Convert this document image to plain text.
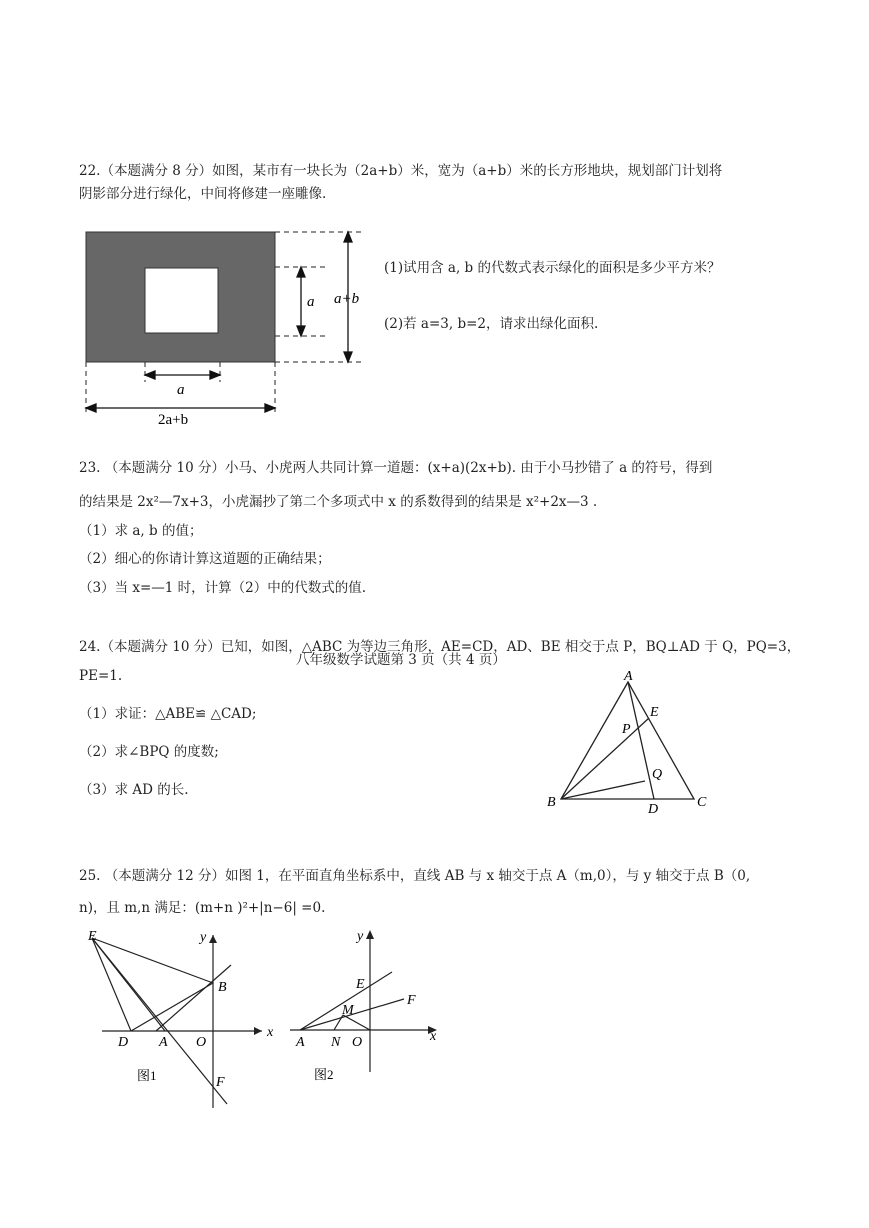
22.（本题满分 8 分）如图，某市有一块长为（2a+b）米，宽为（a+b）米的长方形地块，规划部门计划将
阴影部分进行绿化，中间将修建一座雕像.
a+b
a
a
2a+b
(1)试用含 a, b 的代数式表示绿化的面积是多少平方米？
(2)若 a=3, b=2，请求出绿化面积.
23. （本题满分 10 分）小马、小虎两人共同计算一道题：(x+a)(2x+b). 由于小马抄错了 a 的符号，得到
的结果是 2x²—7x+3，小虎漏抄了第二个多项式中 x 的系数得到的结果是 x²+2x—3 .
（1）求 a, b 的值；
（2）细心的你请计算这道题的正确结果；
（3）当 x=—1 时，计算（2）中的代数式的值.
24.（本题满分 10 分）已知，如图，△ABC 为等边三角形，AE=CD，AD、BE 相交于点 P，BQ⊥AD 于 Q，PQ=3，
八年级数学试题第 3 页（共 4 页）
PE=1.
（1）求证：△ABE≌ △CAD;
（2）求∠BPQ 的度数;
（3）求 AD 的长.
A
B	C
D
E
P
Q
25. （本题满分 12 分）如图 1，在平面直角坐标系中，直线 AB 与 x 轴交于点 A（m,0），与 y 轴交于点 B（0,
n)，且 m,n 满足：(m+n )²+|n−6| =0.
E	y
B
D A O
x
F
图1
y
E
F
M
A N O	x
图2
